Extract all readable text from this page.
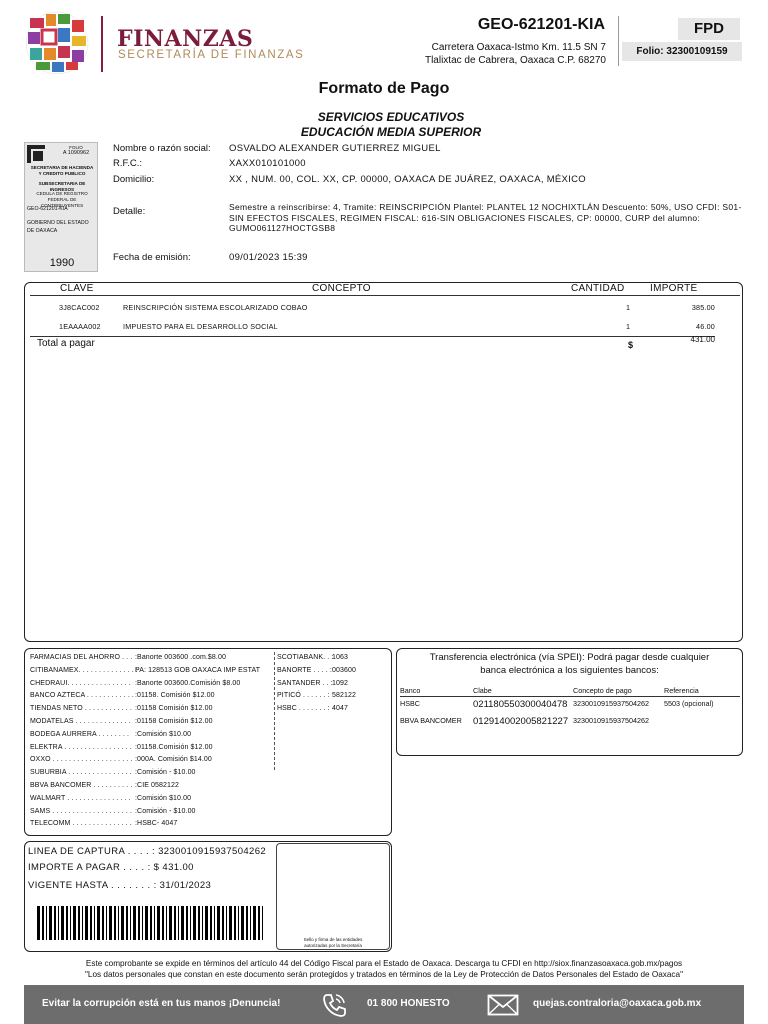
FINANZAS
SECRETARÍA DE FINANZAS
GEO-621201-KIA
Carretera Oaxaca-Istmo Km. 11.5 SN 7
Tlalixtac de Cabrera, Oaxaca C.P. 68270
FPD
Folio: 32300109159
Formato de Pago
SERVICIOS EDUCATIVOS
EDUCACIÓN MEDIA SUPERIOR
FOLIO
A 1090962
SECRETARIA DE HACIENDA
Y CREDITO PUBLICO
SUBSECRETARIA DE INGRESOS
CEDULA DE REGISTRO
FEDERAL DE CONTRIBUYENTES
GEO-621201-KIA
GOBIERNO DEL ESTADO
DE OAXACA
1990
Nombre o razón social: OSVALDO ALEXANDER GUTIERREZ MIGUEL
R.F.C.:	XAXX010101000
Domicilio:	XX , NUM. 00, COL. XX, CP. 00000, OAXACA DE JUÁREZ, OAXACA, MÉXICO
Detalle:	Semestre a reinscribirse: 4, Tramite: REINSCRIPCIÓN Plantel: PLANTEL 12 NOCHIXTLÁN Descuento: 50%, USO CFDI: S01-SIN EFECTOS FISCALES, REGIMEN FISCAL: 616-SIN OBLIGACIONES FISCALES, CP: 00000, CURP del alumno: GUMO061127HOCTGSB8
Fecha de emisión:	09/01/2023 15:39
CLAVE	CONCEPTO	CANTIDAD	IMPORTE
3J8CAC002	REINSCRIPCIÓN SISTEMA ESCOLARIZADO COBAO	1	385.00
1EAAAA002	IMPUESTO PARA EL DESARROLLO SOCIAL	1	46.00
Total a pagar	$
431.00
FARMACIAS DEL AHORRO . . . :Banorte 003600 .com.$8.00
CITIBANAMEX. . . . . . . . . . . . . . :
PA: 128513 GOB OAXACA IMP ESTAT
CHEDRAUI. . . . . . . . . . . . . . . . :Banorte 003600.Comisión $8.00
BANCO AZTECA . . . . . . . . . . . . :01158. Comisión $12.00
TIENDAS NETO . . . . . . . . . . . . :01158 Comisión $12.00
MODATELAS . . . . . . . . . . . . . . :01158 Comisión $12.00
BODEGA AURRERA . . . . . . . . :Comisión $10.00
ELEKTRA . . . . . . . . . . . . . . . . . :01158.Comisión $12.00
OXXO . . . . . . . . . . . . . . . . . . . . :000A. Comisión $14.00
SUBURBIA . . . . . . . . . . . . . . . . :Comisión - $10.00
BBVA BANCOMER . . . . . . . . . . :CIE 0582122
WALMART . . . . . . . . . . . . . . . . :Comisión $10.00
SAMS . . . . . . . . . . . . . . . . . . . . :Comisión - $10.00
TELECOMM . . . . . . . . . . . . . . . :HSBC- 4047
SCOTIABANK. . :
1063
BANORTE . . . . : 003600
SANTANDER . . : 1092
PITICÓ . . . . . . : 582122
HSBC . . . . . . . : 4047
Transferencia electrónica (vía SPEI): Podrá pagar desde cualquier
banca electrónica a los siguientes bancos:
Banco	Clabe	Concepto de pago	Referencia
HSBC	021180550300040478 32300109159375042​62 5503 (opcional)
BBVA BANCOMER 012914002005821227 3230010915937504262
LINEA DE CAPTURA . . . . : 3230010915937504262
IMPORTE A PAGAR . . . . : $ 431.00
VIGENTE HASTA . . . . . . . : 31/01/2023
Sello y firma de las entidades
autorizadas por la Secretaría
Este comprobante se expide en términos del artículo 44 del Código Fiscal para el Estado de Oaxaca. Descarga tu CFDI en http://siox.finanzasoaxaca.gob.mx/pagos
"Los datos personales que constan en este documento serán protegidos y tratados en términos de la Ley de Protección de Datos Personales del Estado de Oaxaca"
Evitar la corrupción está en tus manos ¡Denuncia!	01 800 HONESTO	quejas.contraloria@oaxaca.gob.mx
